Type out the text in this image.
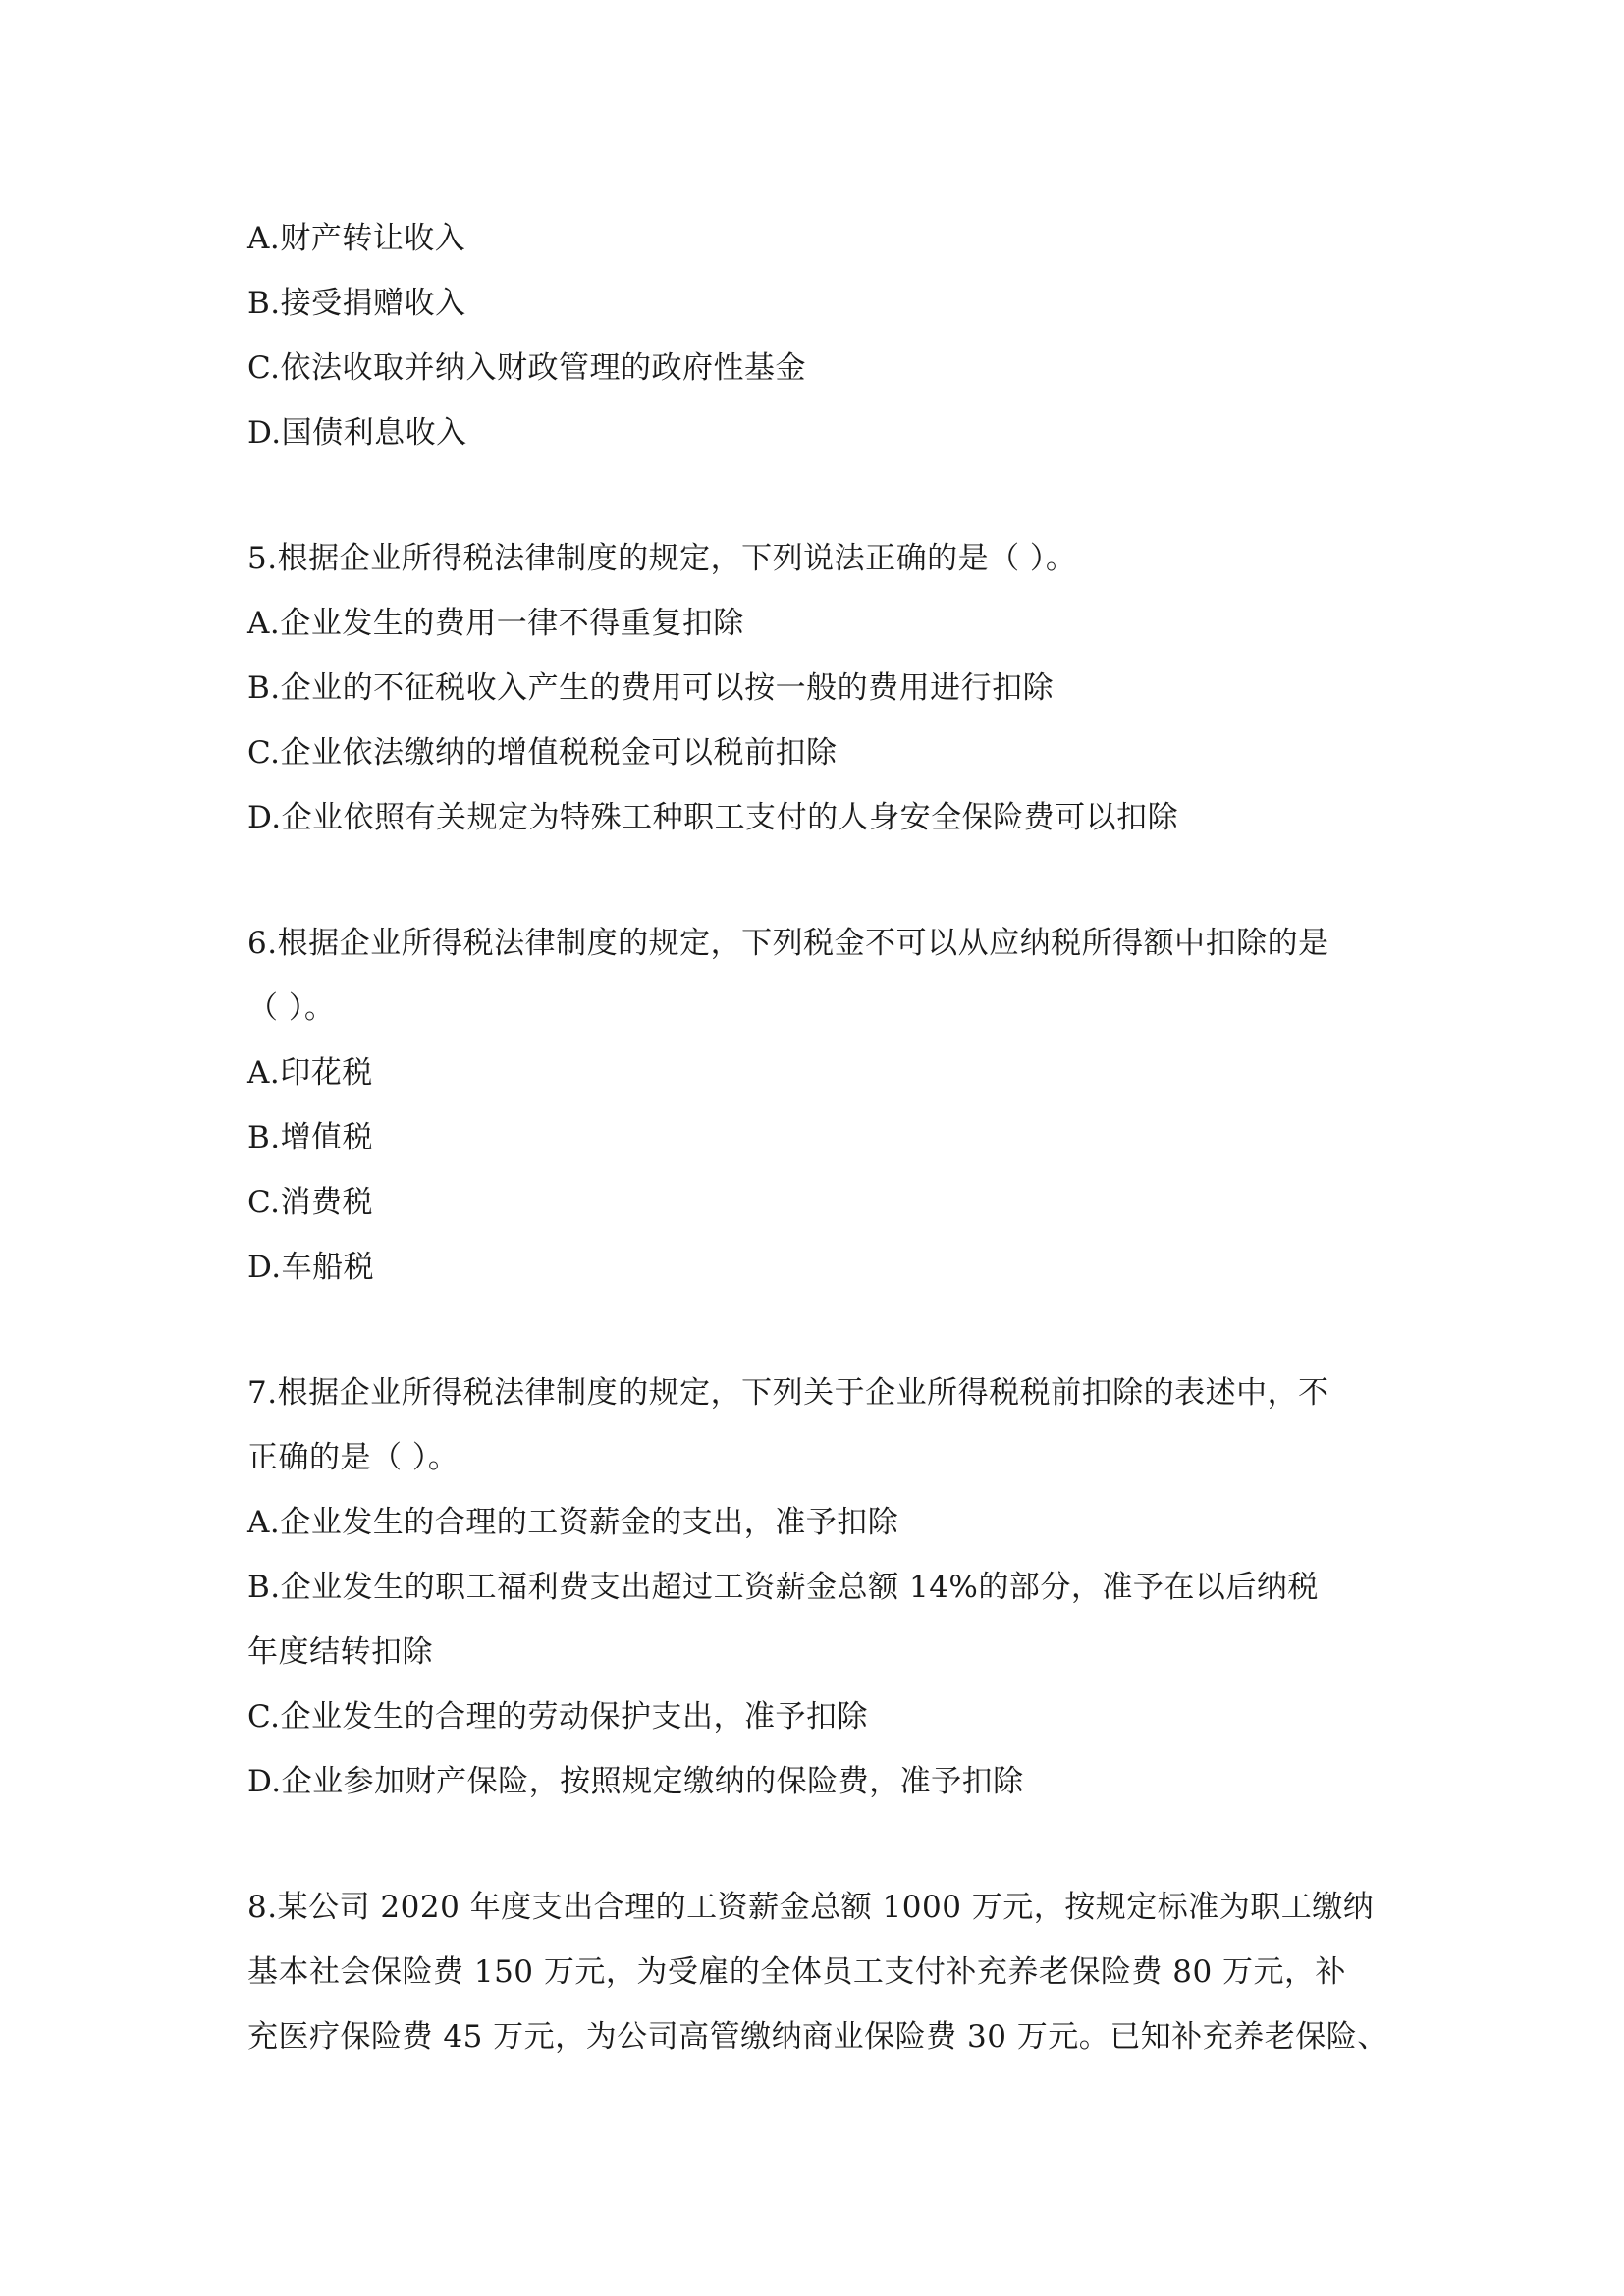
A.财产转让收入
B.接受捐赠收入
C.依法收取并纳入财政管理的政府性基金
D.国债利息收入
5.根据企业所得税法律制度的规定，下列说法正确的是（ ）。
A.企业发生的费用一律不得重复扣除
B.企业的不征税收入产生的费用可以按一般的费用进行扣除
C.企业依法缴纳的增值税税金可以税前扣除
D.企业依照有关规定为特殊工种职工支付的人身安全保险费可以扣除
6.根据企业所得税法律制度的规定，下列税金不可以从应纳税所得额中扣除的是
（ ）。
A.印花税
B.增值税
C.消费税
D.车船税
7.根据企业所得税法律制度的规定，下列关于企业所得税税前扣除的表述中，不
正确的是（ ）。
A.企业发生的合理的工资薪金的支出，准予扣除
B.企业发生的职工福利费支出超过工资薪金总额 14%的部分，准予在以后纳税
年度结转扣除
C.企业发生的合理的劳动保护支出，准予扣除
D.企业参加财产保险，按照规定缴纳的保险费，准予扣除
8.某公司 2020 年度支出合理的工资薪金总额 1000 万元，按规定标准为职工缴纳
基本社会保险费 150 万元，为受雇的全体员工支付补充养老保险费 80 万元，补
充医疗保险费 45 万元，为公司高管缴纳商业保险费 30 万元。已知补充养老保险、
